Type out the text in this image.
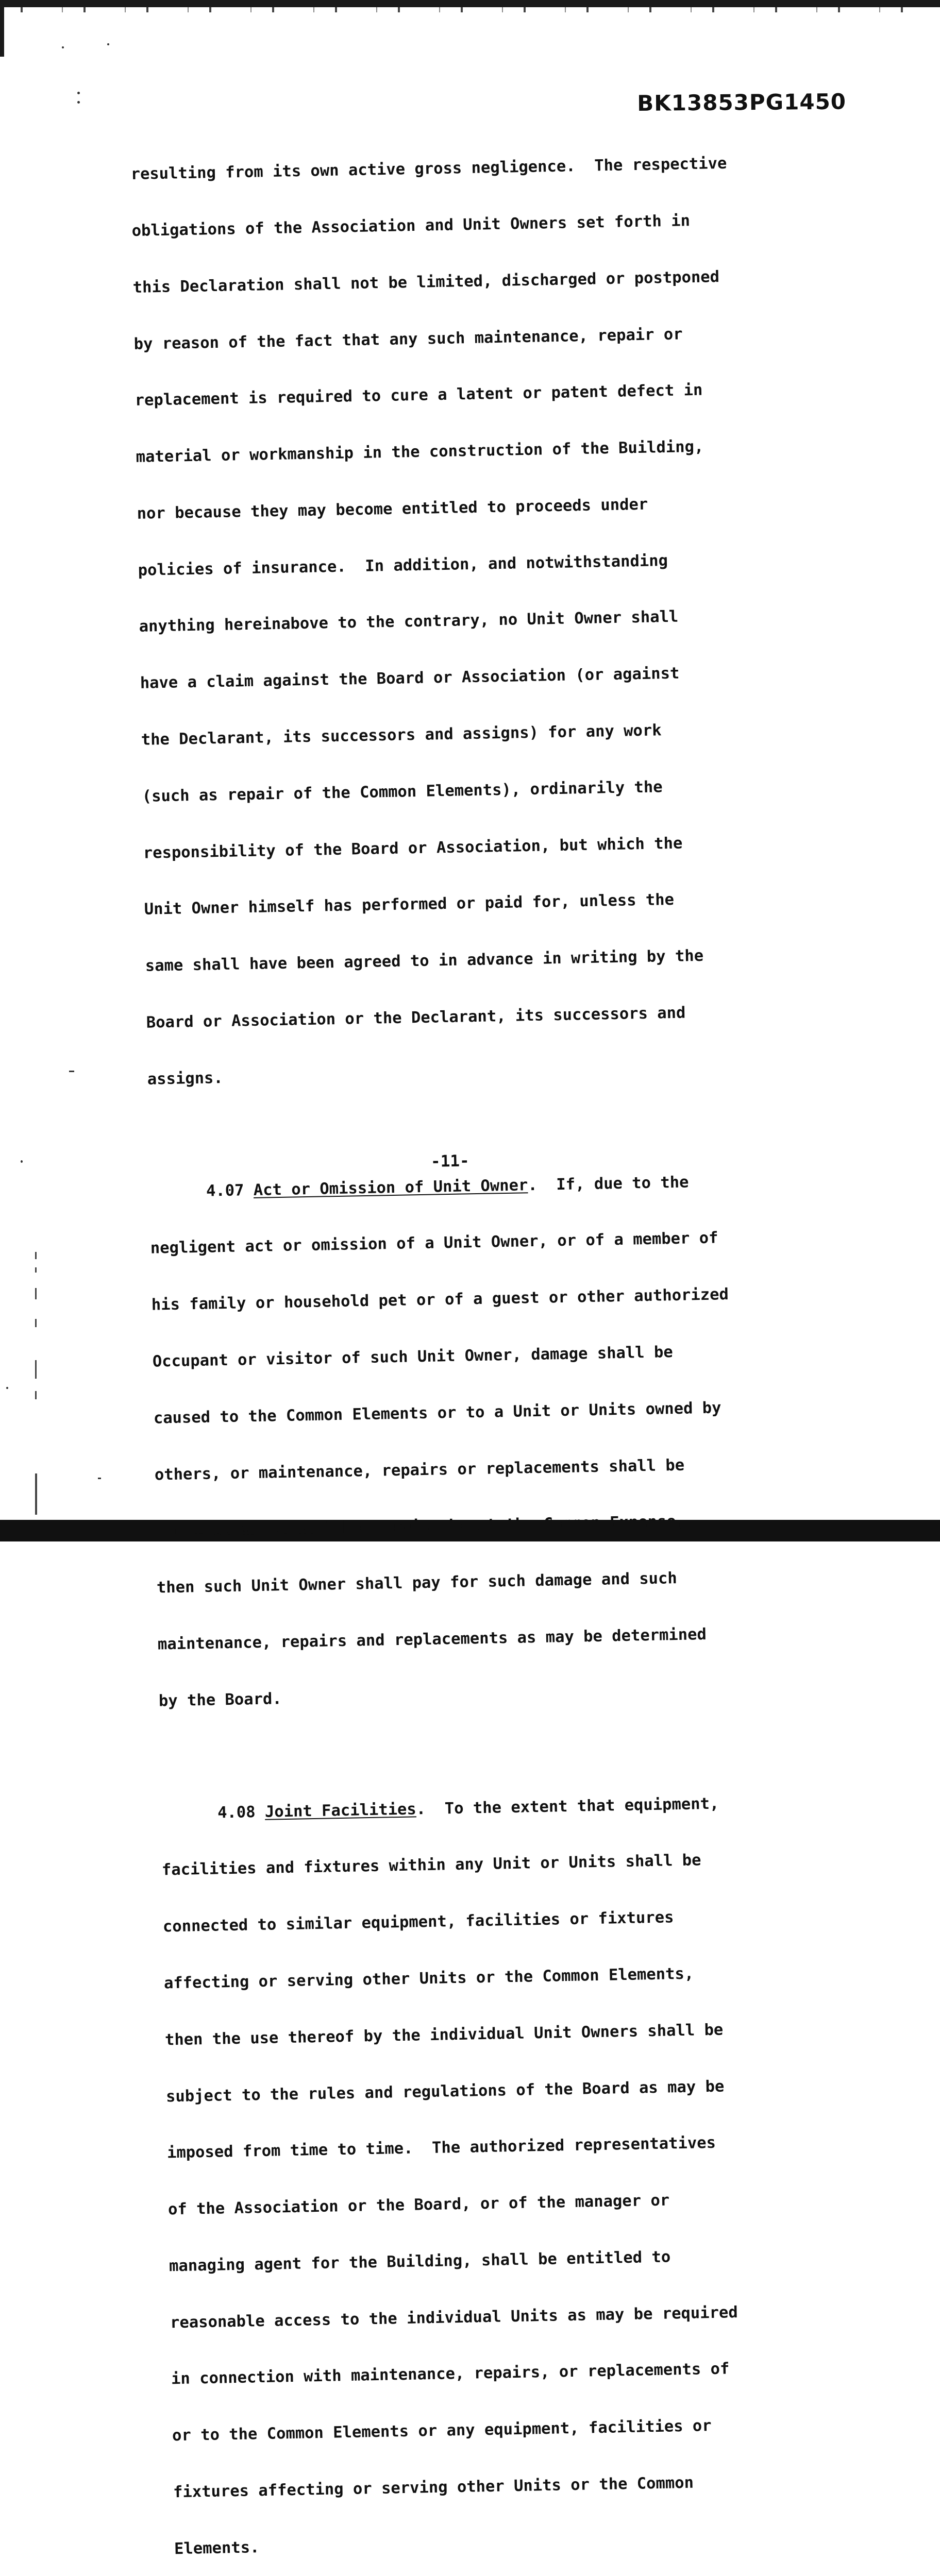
BK13853PG1450

resulting from its own active gross negligence.  The respective

obligations of the Association and Unit Owners set forth in

this Declaration shall not be limited, discharged or postponed

by reason of the fact that any such maintenance, repair or

replacement is required to cure a latent or patent defect in

material or workmanship in the construction of the Building,

nor because they may become entitled to proceeds under

policies of insurance.  In addition, and notwithstanding

anything hereinabove to the contrary, no Unit Owner shall

have a claim against the Board or Association (or against

the Declarant, its successors and assigns) for any work

(such as repair of the Common Elements), ordinarily the

responsibility of the Board or Association, but which the

Unit Owner himself has performed or paid for, unless the

same shall have been agreed to in advance in writing by the

Board or Association or the Declarant, its successors and

assigns.

4.07 Act or Omission of Unit Owner.  If, due to the

negligent act or omission of a Unit Owner, or of a member of

his family or household pet or of a guest or other authorized

Occupant or visitor of such Unit Owner, damage shall be

caused to the Common Elements or to a Unit or Units owned by

others, or maintenance, repairs or replacements shall be

required which would otherwise be at the Common Expense,

then such Unit Owner shall pay for such damage and such

maintenance, repairs and replacements as may be determined

by the Board.

4.08 Joint Facilities.  To the extent that equipment,

facilities and fixtures within any Unit or Units shall be

connected to similar equipment, facilities or fixtures

affecting or serving other Units or the Common Elements,

then the use thereof by the individual Unit Owners shall be

subject to the rules and regulations of the Board as may be

imposed from time to time.  The authorized representatives

of the Association or the Board, or of the manager or

managing agent for the Building, shall be entitled to

reasonable access to the individual Units as may be required

in connection with maintenance, repairs, or replacements of

or to the Common Elements or any equipment, facilities or

fixtures affecting or serving other Units or the Common

Elements.

-11-
